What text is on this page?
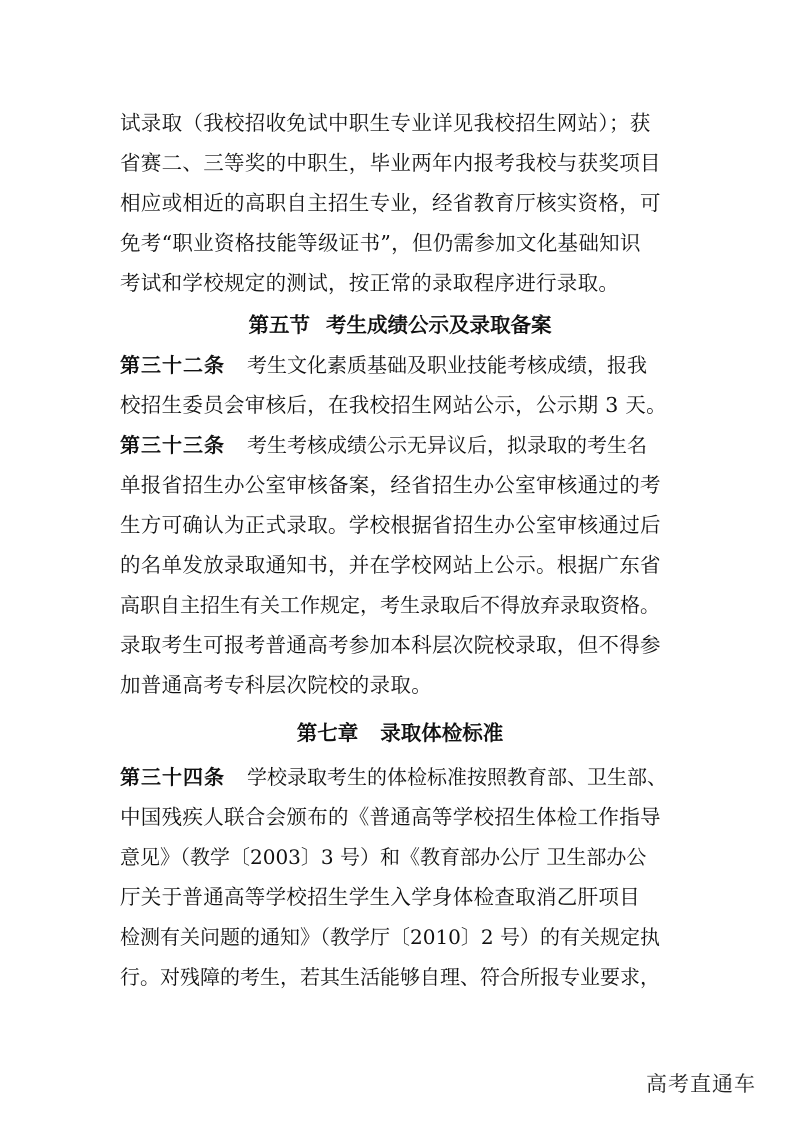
试录取（我校招收免试中职生专业详见我校招生网站）；获
省赛二、三等奖的中职生，毕业两年内报考我校与获奖项目
相应或相近的高职自主招生专业，经省教育厅核实资格，可
免考“职业资格技能等级证书”，但仍需参加文化基础知识
考试和学校规定的测试，按正常的录取程序进行录取。
第五节 考生成绩公示及录取备案
第三十二条 考生文化素质基础及职业技能考核成绩，报我
校招生委员会审核后，在我校招生网站公示，公示期 3 天。
第三十三条 考生考核成绩公示无异议后，拟录取的考生名
单报省招生办公室审核备案，经省招生办公室审核通过的考
生方可确认为正式录取。学校根据省招生办公室审核通过后
的名单发放录取通知书，并在学校网站上公示。根据广东省
高职自主招生有关工作规定，考生录取后不得放弃录取资格。
录取考生可报考普通高考参加本科层次院校录取，但不得参
加普通高考专科层次院校的录取。
第七章 录取体检标准
第三十四条 学校录取考生的体检标准按照教育部、卫生部、
中国残疾人联合会颁布的《普通高等学校招生体检工作指导
意见》（教学〔2003〕3 号）和《教育部办公厅 卫生部办公
厅关于普通高等学校招生学生入学身体检查取消乙肝项目
检测有关问题的通知》（教学厅〔2010〕2 号）的有关规定执
行。对残障的考生，若其生活能够自理、符合所报专业要求，
高考直通车
